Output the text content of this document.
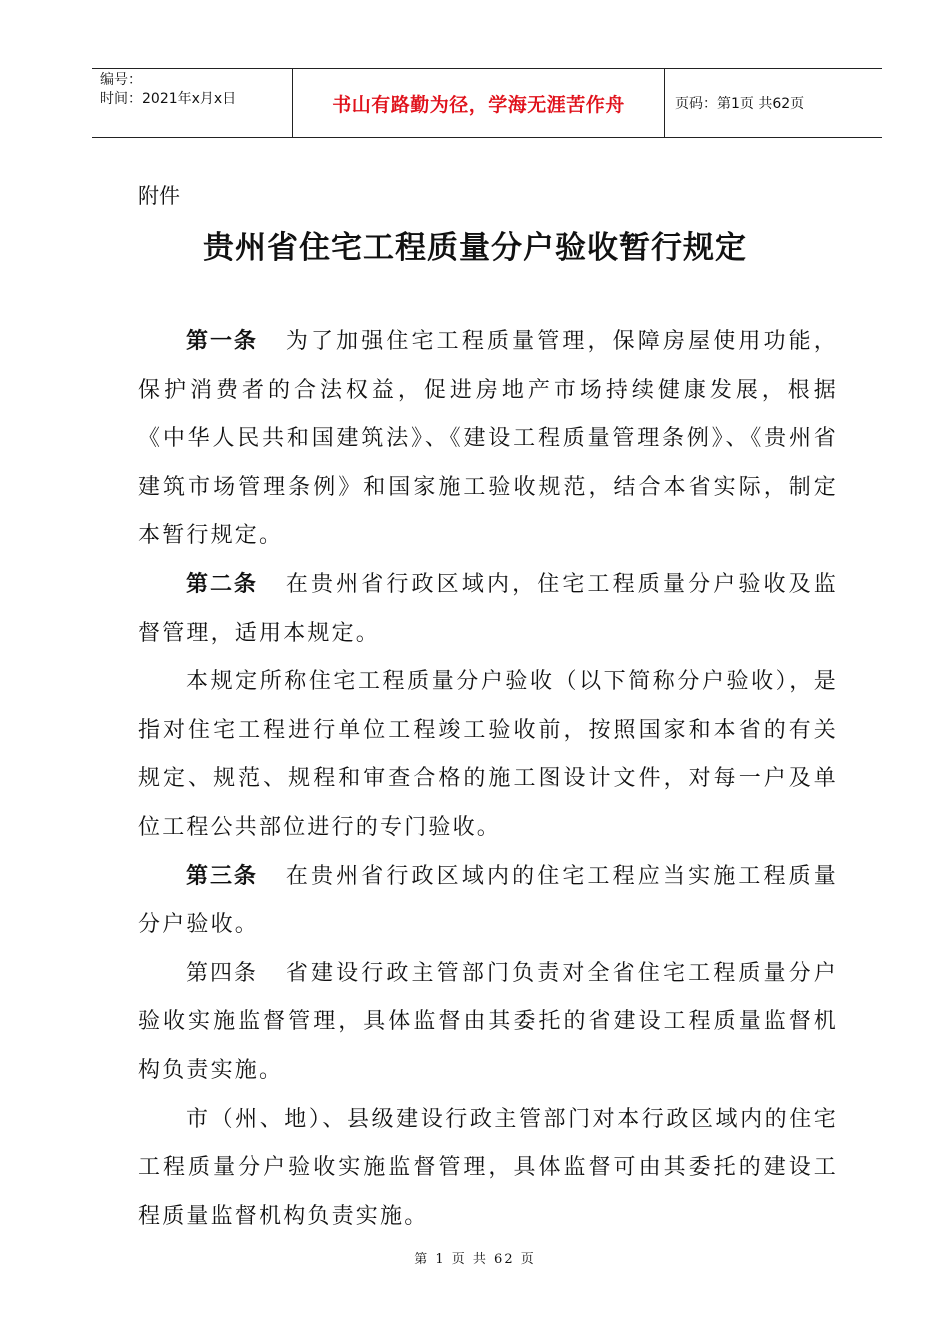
编号：
时间：2021年x月x日	书山有路勤为径，学海无涯苦作舟	页码：第1页 共62页
附件
贵州省住宅工程质量分户验收暂行规定

第一条 为了加强住宅工程质量管理，保障房屋使用功能，保护消费者的合法权益，促进房地产市场持续健康发展，根据《中华人民共和国建筑法》、《建设工程质量管理条例》、《贵州省建筑市场管理条例》和国家施工验收规范，结合本省实际，制定本暂行规定。

第二条 在贵州省行政区域内，住宅工程质量分户验收及监督管理，适用本规定。

本规定所称住宅工程质量分户验收（以下简称分户验收），是指对住宅工程进行单位工程竣工验收前，按照国家和本省的有关规定、规范、规程和审查合格的施工图设计文件，对每一户及单位工程公共部位进行的专门验收。

第三条 在贵州省行政区域内的住宅工程应当实施工程质量分户验收。

第四条 省建设行政主管部门负责对全省住宅工程质量分户验收实施监督管理，具体监督由其委托的省建设工程质量监督机构负责实施。

市（州、地）、县级建设行政主管部门对本行政区域内的住宅工程质量分户验收实施监督管理，具体监督可由其委托的建设工程质量监督机构负责实施。

第 1 页 共 62 页
